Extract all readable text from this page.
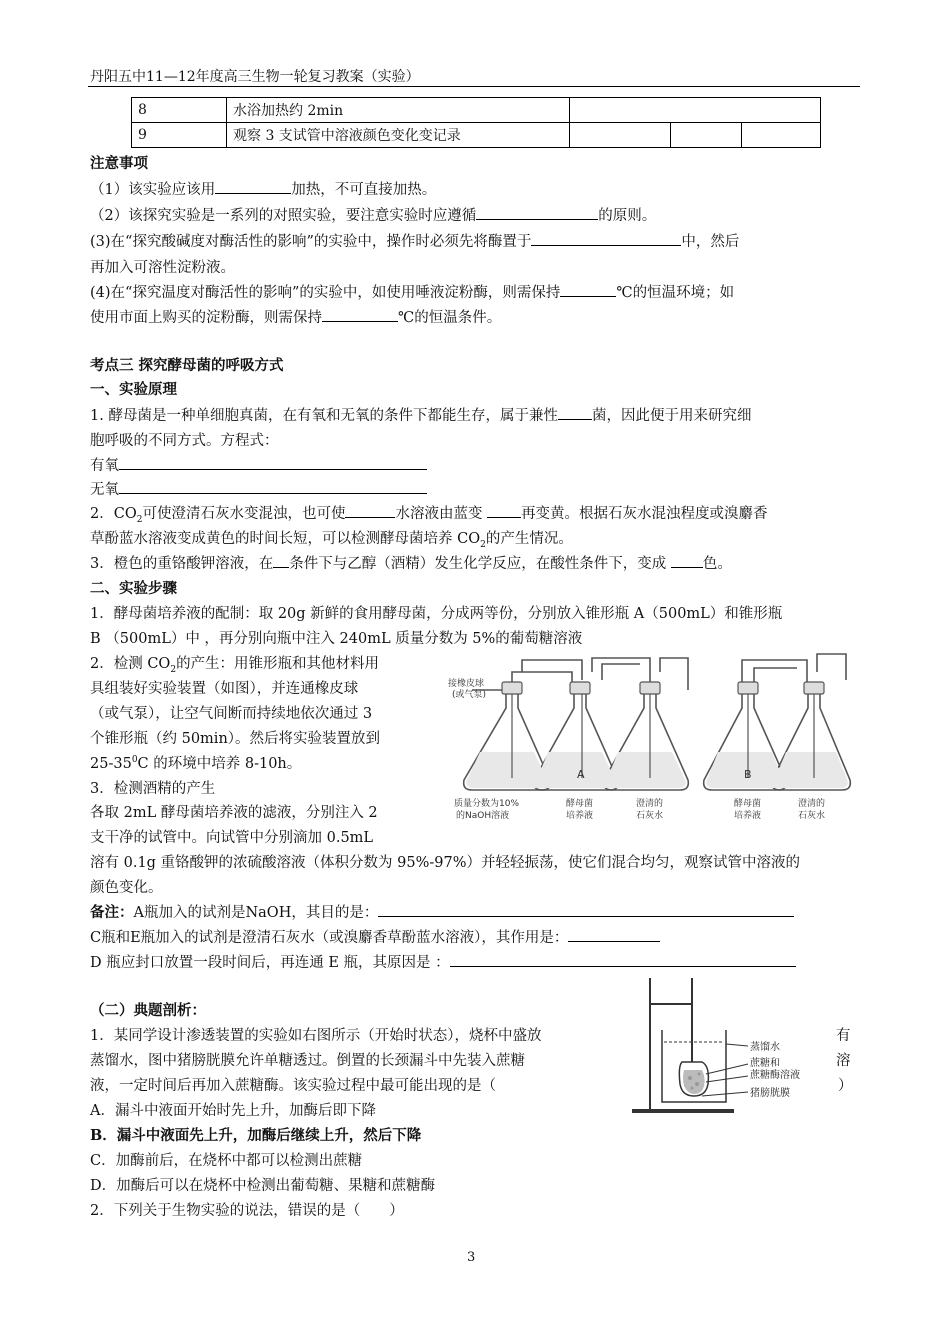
丹阳五中11—12年度高三生物一轮复习教案（实验）
8	水浴加热约 2min			
9	观察 3 支试管中溶液颜色变化变记录			
注意事项
（1）该实验应该用	加热，不可直接加热。
（2）该探究实验是一系列的对照实验，要注意实验时应遵循	的原则。
(3)在“探究酸碱度对酶活性的影响”的实验中，操作时必须先将酶置于	中，然后
再加入可溶性淀粉液。
(4)在“探究温度对酶活性的影响”的实验中，如使用唾液淀粉酶，则需保持	℃的恒温环境；如
使用市面上购买的淀粉酶，则需保持	℃的恒温条件。
考点三 探究酵母菌的呼吸方式
一、实验原理
1. 酵母菌是一种单细胞真菌，在有氧和无氧的条件下都能生存，属于兼性 菌，因此便于用来研究细
胞呼吸的不同方式。方程式：
有氧
无氧
2．$CO_2$可使澄清石灰水变混浊，也可使	水溶液由蓝变	再变黄。根据石灰水混浊程度或溴麝香
草酚蓝水溶液变成黄色的时间长短，可以检测酵母菌培养 $CO_2$的产生情况。
3．橙色的重铬酸钾溶液，在 条件下与乙醇（酒精）发生化学反应，在酸性条件下，变成	色。
二、实验步骤
1．酵母菌培养液的配制：取 20g 新鲜的食用酵母菌，分成两等份，分别放入锥形瓶 A（500mL）和锥形瓶
B （500mL）中 ，再分别向瓶中注入 240mL 质量分数为 5%的葡萄糖溶液
2．检测 $CO_2$的产生：用锥形瓶和其他材料用
具组装好实验装置（如图），并连通橡皮球
（或气泵），让空气间断而持续地依次通过 3
个锥形瓶（约 50min）。然后将实验装置放到
$25-35^0C$ 的环境中培养 8-10h。
3．检测酒精的产生
各取 2mL 酵母菌培养液的滤液，分别注入 2
支干净的试管中。向试管中分别滴加 0.5mL
溶有 0.1g 重铬酸钾的浓硫酸溶液（体积分数为 95%-97%）并轻轻振荡，使它们混合均匀，观察试管中溶液的
颜色变化。
接橡皮球
(或气泵)
A	B
质量分数为10%
的NaOH溶液
酵母菌
培养液
澄清的
石灰水
酵母菌
培养液
澄清的
石灰水
备注：A瓶加入的试剂是NaOH，其目的是：
C瓶和E瓶加入的试剂是澄清石灰水（或溴麝香草酚蓝水溶液），其作用是：
D 瓶应封口放置一段时间后，再连通 E 瓶，其原因是 ：
（二）典题剖析：
1．某同学设计渗透装置的实验如右图所示（开始时状态），烧杯中盛放	有
蒸馏水，图中猪膀胱膜允许单糖透过。倒置的长颈漏斗中先装入蔗糖	溶
液，一定时间后再加入蔗糖酶。该实验过程中最可能出现的是（	）
A．漏斗中液面开始时先上升，加酶后即下降
B．漏斗中液面先上升，加酶后继续上升，然后下降
C．加酶前后，在烧杯中都可以检测出蔗糖
D．加酶后可以在烧杯中检测出葡萄糖、果糖和蔗糖酶
2．下列关于生物实验的说法，错误的是（　　）
蒸馏水
蔗糖和
蔗糖酶溶液
猪膀胱膜
3
